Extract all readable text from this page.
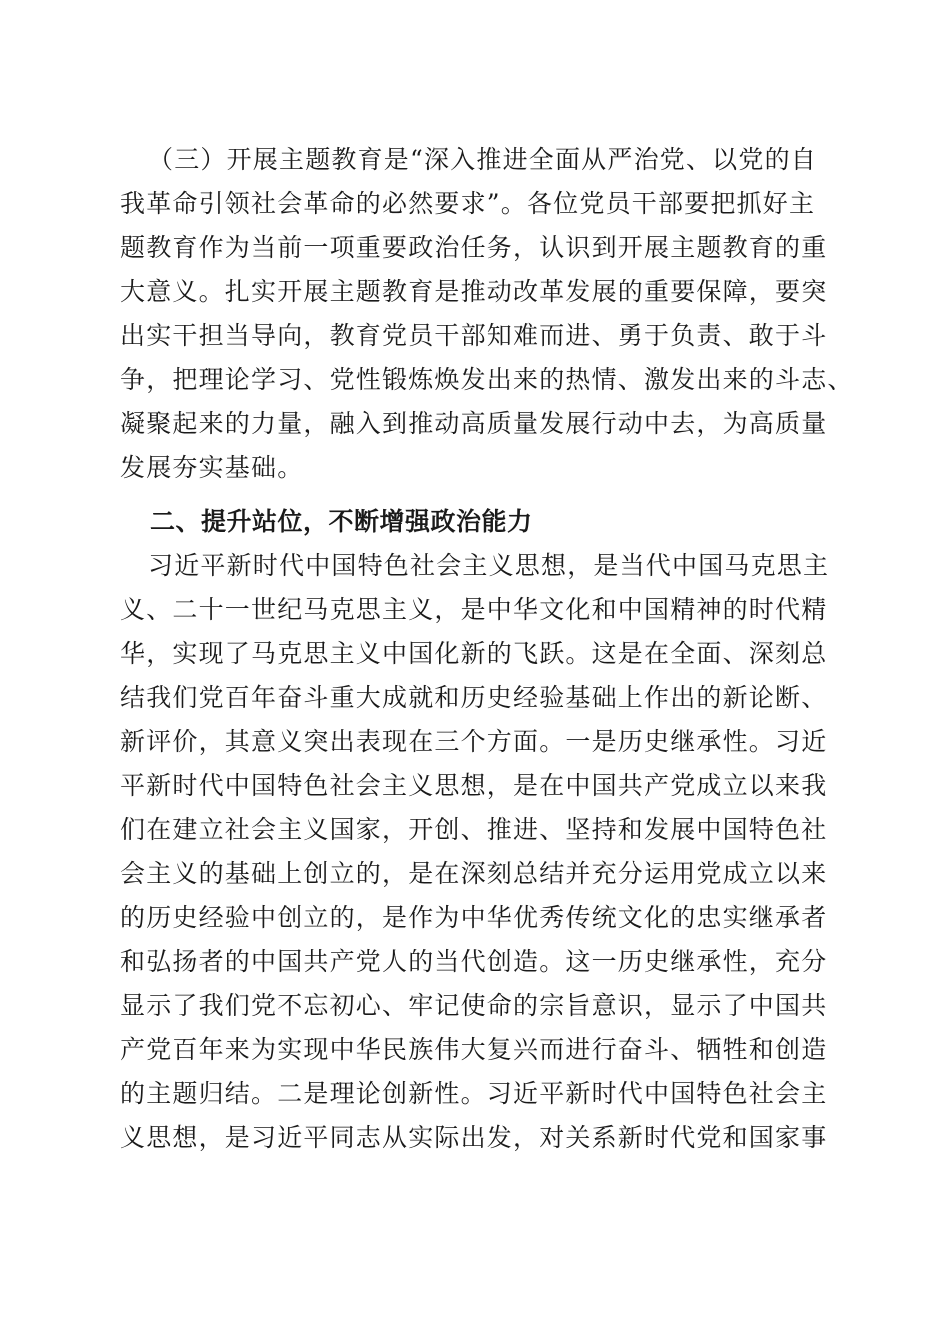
（三）开展主题教育是“深入推进全面从严治党、以党的自
我革命引领社会革命的必然要求”。各位党员干部要把抓好主
题教育作为当前一项重要政治任务，认识到开展主题教育的重
大意义。扎实开展主题教育是推动改革发展的重要保障，要突
出实干担当导向，教育党员干部知难而进、勇于负责、敢于斗
争，把理论学习、党性锻炼焕发出来的热情、激发出来的斗志、
凝聚起来的力量，融入到推动高质量发展行动中去，为高质量
发展夯实基础。
二、提升站位，不断增强政治能力
习近平新时代中国特色社会主义思想，是当代中国马克思主
义、二十一世纪马克思主义，是中华文化和中国精神的时代精
华，实现了马克思主义中国化新的飞跃。这是在全面、深刻总
结我们党百年奋斗重大成就和历史经验基础上作出的新论断、
新评价，其意义突出表现在三个方面。一是历史继承性。习近
平新时代中国特色社会主义思想，是在中国共产党成立以来我
们在建立社会主义国家，开创、推进、坚持和发展中国特色社
会主义的基础上创立的，是在深刻总结并充分运用党成立以来
的历史经验中创立的，是作为中华优秀传统文化的忠实继承者
和弘扬者的中国共产党人的当代创造。这一历史继承性，充分
显示了我们党不忘初心、牢记使命的宗旨意识，显示了中国共
产党百年来为实现中华民族伟大复兴而进行奋斗、牺牲和创造
的主题归结。二是理论创新性。习近平新时代中国特色社会主
义思想，是习近平同志从实际出发，对关系新时代党和国家事
